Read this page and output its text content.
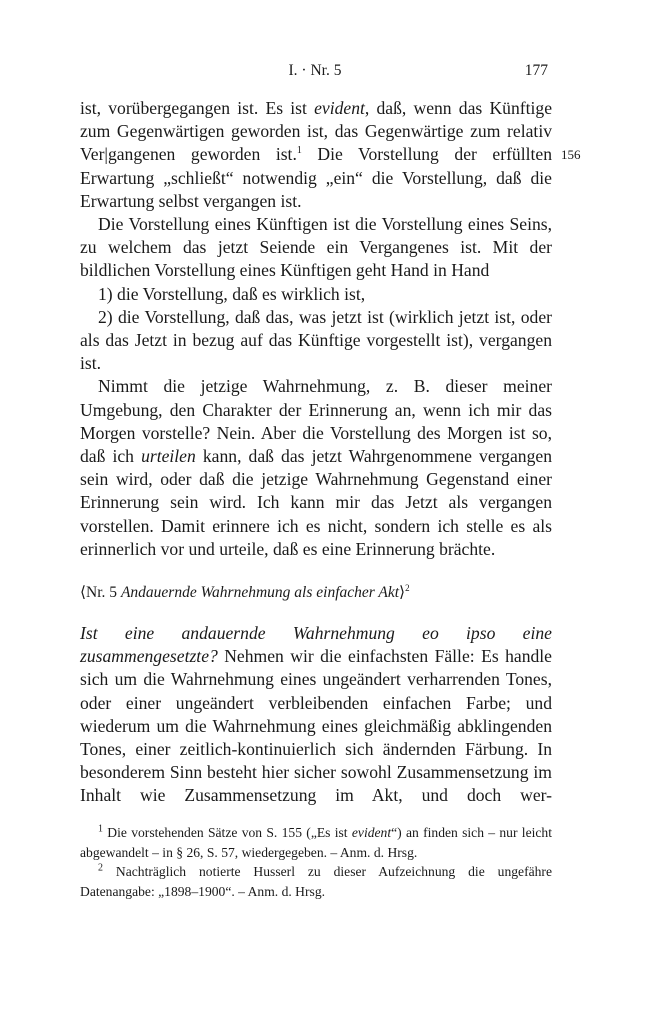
I. · Nr. 5	177
156

ist, vorübergegangen ist. Es ist evident, daß, wenn das Künftige zum Gegenwärtigen geworden ist, das Gegenwärtige zum relativ Ver|gangenen geworden ist.$^1$ Die Vorstellung der erfüllten Erwartung „schließt“ notwendig „ein“ die Vorstellung, daß die Erwartung selbst vergangen ist.

Die Vorstellung eines Künftigen ist die Vorstellung eines Seins, zu welchem das jetzt Seiende ein Vergangenes ist. Mit der bildlichen Vorstellung eines Künftigen geht Hand in Hand

1) die Vorstellung, daß es wirklich ist,

2) die Vorstellung, daß das, was jetzt ist (wirklich jetzt ist, oder als das Jetzt in bezug auf das Künftige vorgestellt ist), vergangen ist.

Nimmt die jetzige Wahrnehmung, z. B. dieser meiner Umgebung, den Charakter der Erinnerung an, wenn ich mir das Morgen vorstelle? Nein. Aber die Vorstellung des Morgen ist so, daß ich urteilen kann, daß das jetzt Wahrgenommene vergangen sein wird, oder daß die jetzige Wahrnehmung Gegenstand einer Erinnerung sein wird. Ich kann mir das Jetzt als vergangen vorstellen. Damit erinnere ich es nicht, sondern ich stelle es als erinnerlich vor und urteile, daß es eine Erinnerung brächte.

⟨Nr. 5 Andauernde Wahrnehmung als einfacher Akt⟩$^2$

Ist eine andauernde Wahrnehmung eo ipso eine zusammengesetzte? Nehmen wir die einfachsten Fälle: Es handle sich um die Wahrnehmung eines ungeändert verharrenden Tones, oder einer ungeändert verbleibenden einfachen Farbe; und wiederum um die Wahrnehmung eines gleichmäßig abklingenden Tones, einer zeitlich-kontinuierlich sich ändernden Färbung. In besonderem Sinn besteht hier sicher sowohl Zusammensetzung im Inhalt wie Zusammensetzung im Akt, und doch wer-

$^1$ Die vorstehenden Sätze von S. 155 („Es ist evident“) an finden sich – nur leicht abgewandelt – in § 26, S. 57, wiedergegeben. – Anm. d. Hrsg.

$^2$ Nachträglich notierte Husserl zu dieser Aufzeichnung die ungefähre Datenangabe: „1898–1900“. – Anm. d. Hrsg.
